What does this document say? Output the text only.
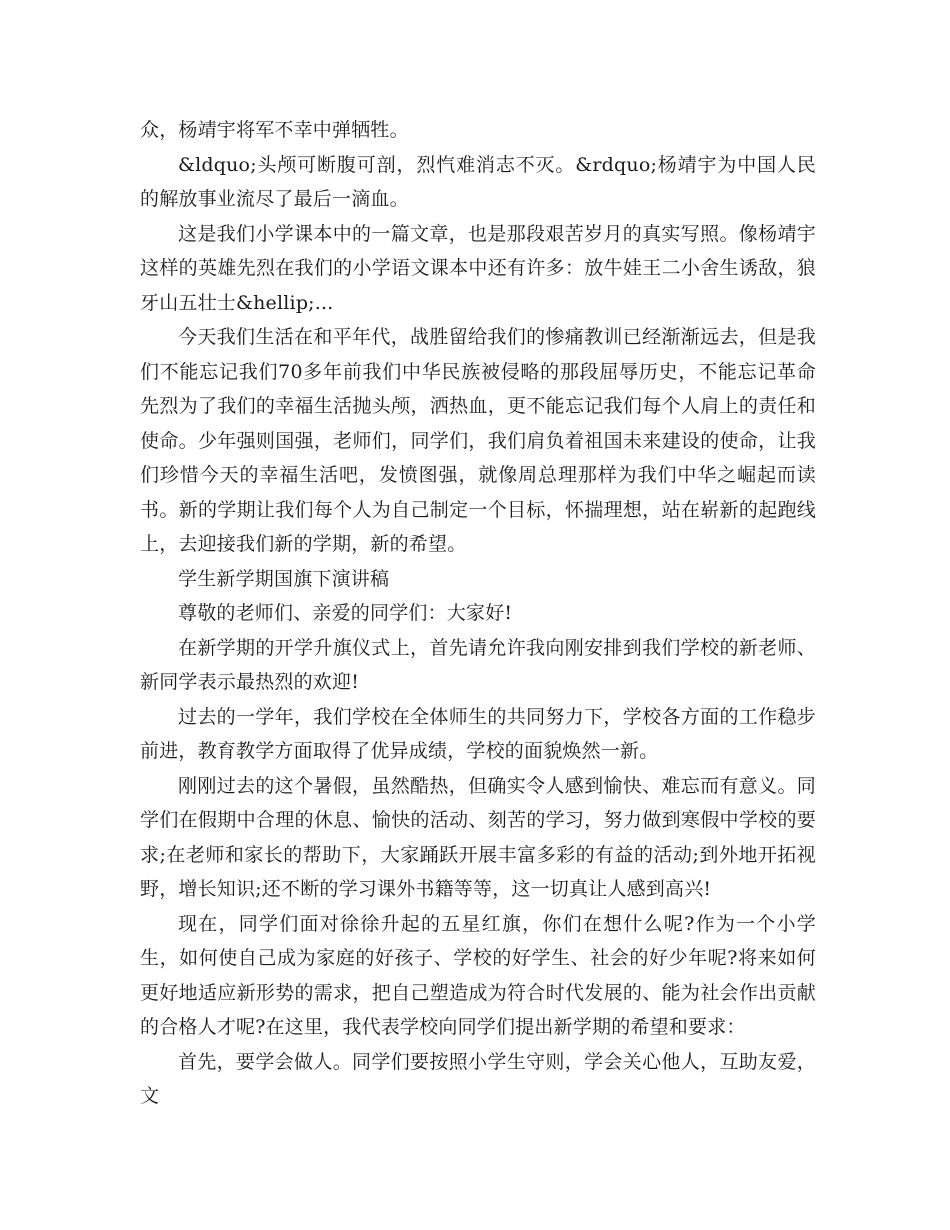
众，杨靖宇将军不幸中弹牺牲。

&ldquo;头颅可断腹可剖，烈忾难消志不灭。&rdquo;杨靖宇为中国人民的解放事业流尽了最后一滴血。

这是我们小学课本中的一篇文章，也是那段艰苦岁月的真实写照。像杨靖宇这样的英雄先烈在我们的小学语文课本中还有许多：放牛娃王二小舍生诱敌，狼牙山五壮士&hellip;...

今天我们生活在和平年代，战胜留给我们的惨痛教训已经渐渐远去，但是我们不能忘记我们70多年前我们中华民族被侵略的那段屈辱历史，不能忘记革命先烈为了我们的幸福生活抛头颅，洒热血，更不能忘记我们每个人肩上的责任和使命。少年强则国强，老师们，同学们，我们肩负着祖国未来建设的使命，让我们珍惜今天的幸福生活吧，发愤图强，就像周总理那样为我们中华之崛起而读书。新的学期让我们每个人为自己制定一个目标，怀揣理想，站在崭新的起跑线上，去迎接我们新的学期，新的希望。

学生新学期国旗下演讲稿

尊敬的老师们、亲爱的同学们：大家好!

在新学期的开学升旗仪式上，首先请允许我向刚安排到我们学校的新老师、新同学表示最热烈的欢迎!

过去的一学年，我们学校在全体师生的共同努力下，学校各方面的工作稳步前进，教育教学方面取得了优异成绩，学校的面貌焕然一新。

刚刚过去的这个暑假，虽然酷热，但确实令人感到愉快、难忘而有意义。同学们在假期中合理的休息、愉快的活动、刻苦的学习，努力做到寒假中学校的要求;在老师和家长的帮助下，大家踊跃开展丰富多彩的有益的活动;到外地开拓视野，增长知识;还不断的学习课外书籍等等，这一切真让人感到高兴!

现在，同学们面对徐徐升起的五星红旗，你们在想什么呢?作为一个小学生，如何使自己成为家庭的好孩子、学校的好学生、社会的好少年呢?将来如何更好地适应新形势的需求，把自己塑造成为符合时代发展的、能为社会作出贡献的合格人才呢?在这里，我代表学校向同学们提出新学期的希望和要求：

首先，要学会做人。同学们要按照小学生守则，学会关心他人，互助友爱，文
